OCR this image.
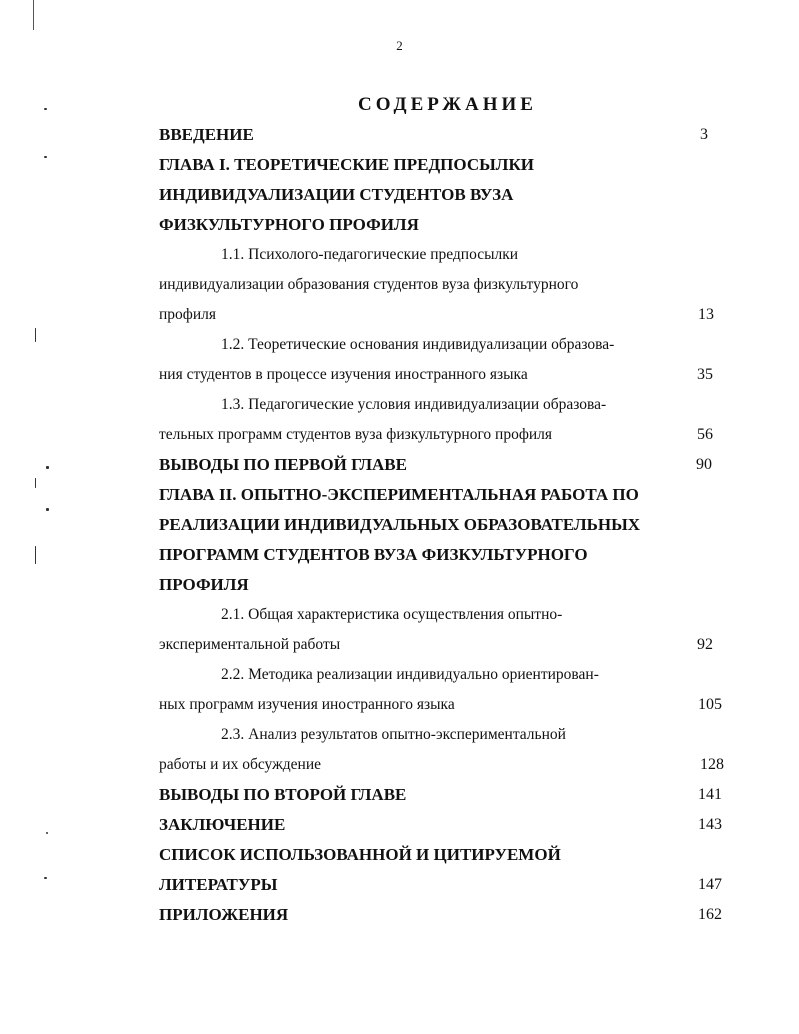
2
СОДЕРЖАНИЕ
ВВЕДЕНИЕ	3
ГЛАВА I. ТЕОРЕТИЧЕСКИЕ ПРЕДПОСЫЛКИ
ИНДИВИДУАЛИЗАЦИИ СТУДЕНТОВ ВУЗА
ФИЗКУЛЬТУРНОГО ПРОФИЛЯ
1.1. Психолого-педагогические предпосылки
индивидуализации образования студентов вуза физкультурного
профиля	13
1.2. Теоретические основания индивидуализации образова-
ния студентов в процессе изучения иностранного языка	35
1.3. Педагогические условия индивидуализации образова-
тельных программ студентов вуза физкультурного профиля	56
ВЫВОДЫ ПО ПЕРВОЙ ГЛАВЕ	90
ГЛАВА II. ОПЫТНО-ЭКСПЕРИМЕНТАЛЬНАЯ РАБОТА ПО
РЕАЛИЗАЦИИ ИНДИВИДУАЛЬНЫХ ОБРАЗОВАТЕЛЬНЫХ
ПРОГРАММ СТУДЕНТОВ ВУЗА ФИЗКУЛЬТУРНОГО
ПРОФИЛЯ
2.1. Общая характеристика осуществления опытно-
экспериментальной работы	92
2.2. Методика реализации индивидуально ориентирован-
ных программ изучения иностранного языка	105
2.3. Анализ результатов опытно-экспериментальной
работы и их обсуждение	128
ВЫВОДЫ ПО ВТОРОЙ ГЛАВЕ	141
ЗАКЛЮЧЕНИЕ	143
СПИСОК ИСПОЛЬЗОВАННОЙ И ЦИТИРУЕМОЙ
ЛИТЕРАТУРЫ	147
ПРИЛОЖЕНИЯ	162
